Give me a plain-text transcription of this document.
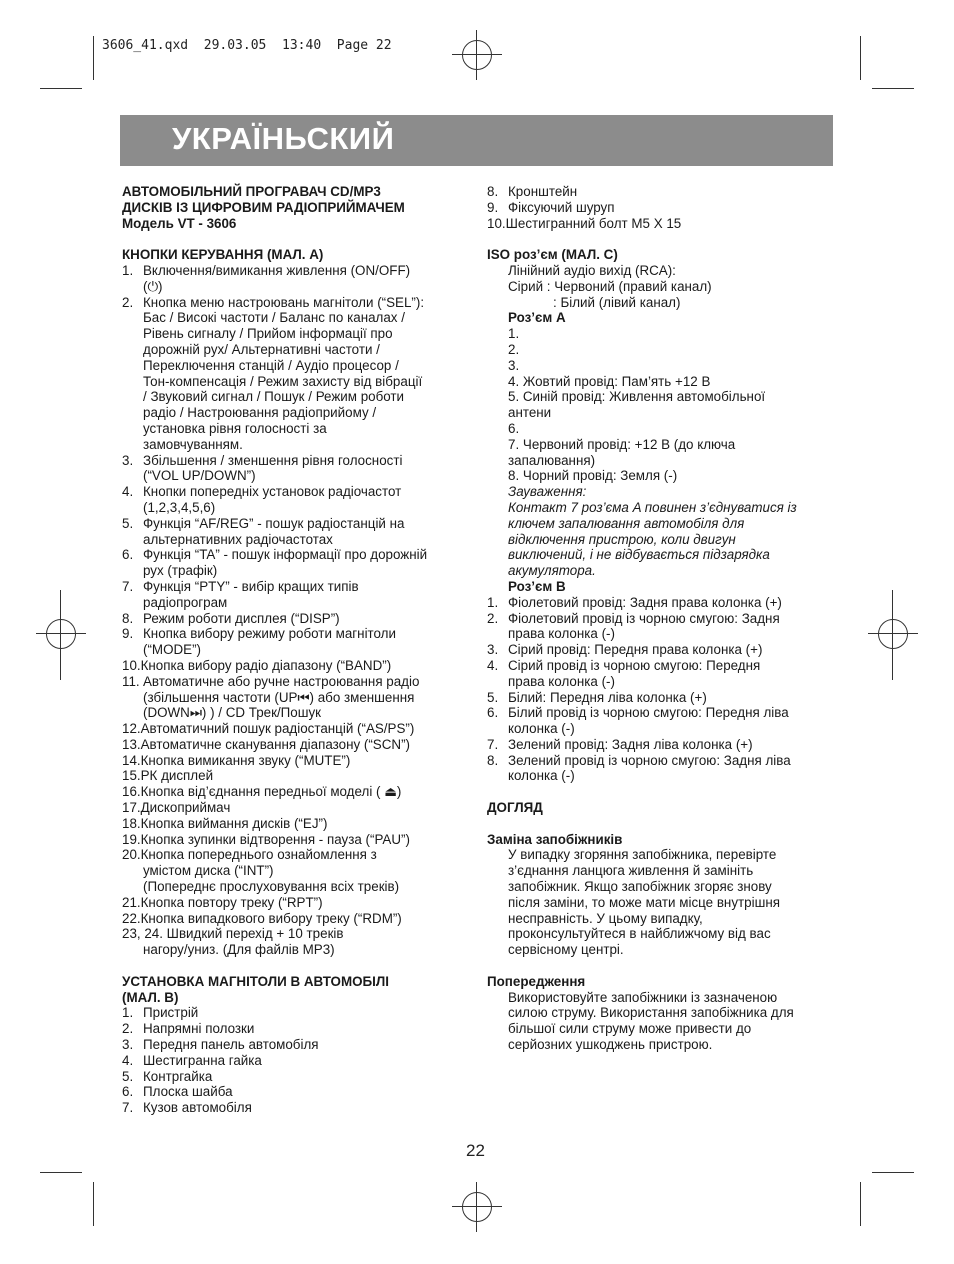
3606_41.qxd  29.03.05  13:40  Page 22
УКРАЇНЬСКИЙ
АВТОМОБІЛЬНИЙ ПРОГРАВАЧ CD/MP3
ДИСКІВ ІЗ ЦИФРОВИМ РАДІОПРИЙМАЧЕМ
Модель VT - 3606
КНОПКИ КЕРУВАННЯ (МАЛ. A)
1. Включення/вимикання живлення (ON/OFF)
(⏻)
2. Кнопка меню настроювань магнітоли (“SEL”):
Бас / Високі частоти / Баланс по каналах /
Рівень сигналу / Прийом інформації про
дорожній рух/ Альтернативні частоти /
Переключення станцій / Аудіо процесор /
Тон-компенсація / Режим захисту від вібрації
/ Звуковий сигнал / Пошук / Режим роботи
радіо / Настроювання радіоприйому /
установка рівня голосності за
замовчуванням.
3. Збільшення / зменшення рівня голосності
(“VOL UP/DOWN”)
4. Кнопки попередніх установок радіочастот
(1,2,3,4,5,6)
5. Функція “AF/REG” - пошук радіостанцій на
альтернативних радіочастотах
6. Функція “TA” - пошук інформації про дорожній
рух (трафік)
7. Функція “PTY” - вибір кращих типів
радіопрограм
8. Режим роботи дисплея (“DISP”)
9. Кнопка вибору режиму роботи магнітоли
(“MODE”)
10.Кнопка вибору радіо діапазону (“BAND”)
11. Автоматичне або ручне настроювання радіо
(збільшення частоти (UP⏮) або зменшення
(DOWN⏭) ) / CD Трек/Пошук
12.Автоматичний пошук радіостанцій (“AS/PS”)
13.Автоматичне сканування діапазону (“SCN”)
14.Кнопка вимикання звуку (“MUTE”)
15.РК дисплей
16.Кнопка від’єднання передньої моделі ( ⏏)
17.Дископриймач
18.Кнопка виймання дисків (“EJ”)
19.Кнопка зупинки відтворення - пауза (“PAU”)
20.Кнопка попереднього ознайомлення з
умістом диска (“INT”)
(Попереднє прослуховування всіх треків)
21.Кнопка повтору треку (“RPT”)
22.Кнопка випадкового вибору треку (“RDM”)
23, 24. Швидкий перехід + 10 треків
нагору/униз. (Для файлів MP3)
УСТАНОВКА МАГНІТОЛИ В АВТОМОБІЛІ
(МАЛ. B)
1. Пристрій
2. Напрямні полозки
3. Передня панель автомобіля
4. Шестигранна гайка
5. Контргайка
6. Плоска шайба
7. Кузов автомобіля
8. Кронштейн
9. Фіксуючий шуруп
10.Шестигранний болт M5 X 15
ISO роз’єм (МАЛ. C)
Лінійний аудіо вихід (RCA):
Сірий : Червоний (правий канал)
: Білий (лівий канал)
Роз’єм A
1.
2.
3.
4. Жовтий провід: Пам’ять +12 B
5. Синій провід: Живлення автомобільної
антени
6.
7. Червоний провід: +12 B (до ключа
запалювання)
8. Чорний провід: Земля (-)
Зауваження:
Контакт 7 роз’єма A повинен з’єднуватися із
ключем запалювання автомобіля для
відключення пристрою, коли двигун
виключений, і не відбувається підзарядка
акумулятора.
Роз’єм B
1. Фіолетовий провід: Задня права колонка (+)
2. Фіолетовий провід із чорною смугою: Задня
права колонка (-)
3. Сірий провід: Передня права колонка (+)
4. Сірий провід із чорною смугою: Передня
права колонка (-)
5. Білий: Передня ліва колонка (+)
6. Білий провід із чорною смугою: Передня ліва
колонка (-)
7. Зелений провід: Задня ліва колонка (+)
8. Зелений провід із чорною смугою: Задня ліва
колонка (-)
ДОГЛЯД
Заміна запобіжників
У випадку згоряння запобіжника, перевірте
з’єднання ланцюга живлення й замініть
запобіжник. Якщо запобіжник згоряє знову
після заміни, то може мати місце внутрішня
несправність. У цьому випадку,
проконсультуйтеся в найближчому від вас
сервісному центрі.
Попередження
Використовуйте запобіжники із зазначеною
силою струму. Використання запобіжника для
більшої сили струму може привести до
серйозних ушкоджень пристрою.
22
